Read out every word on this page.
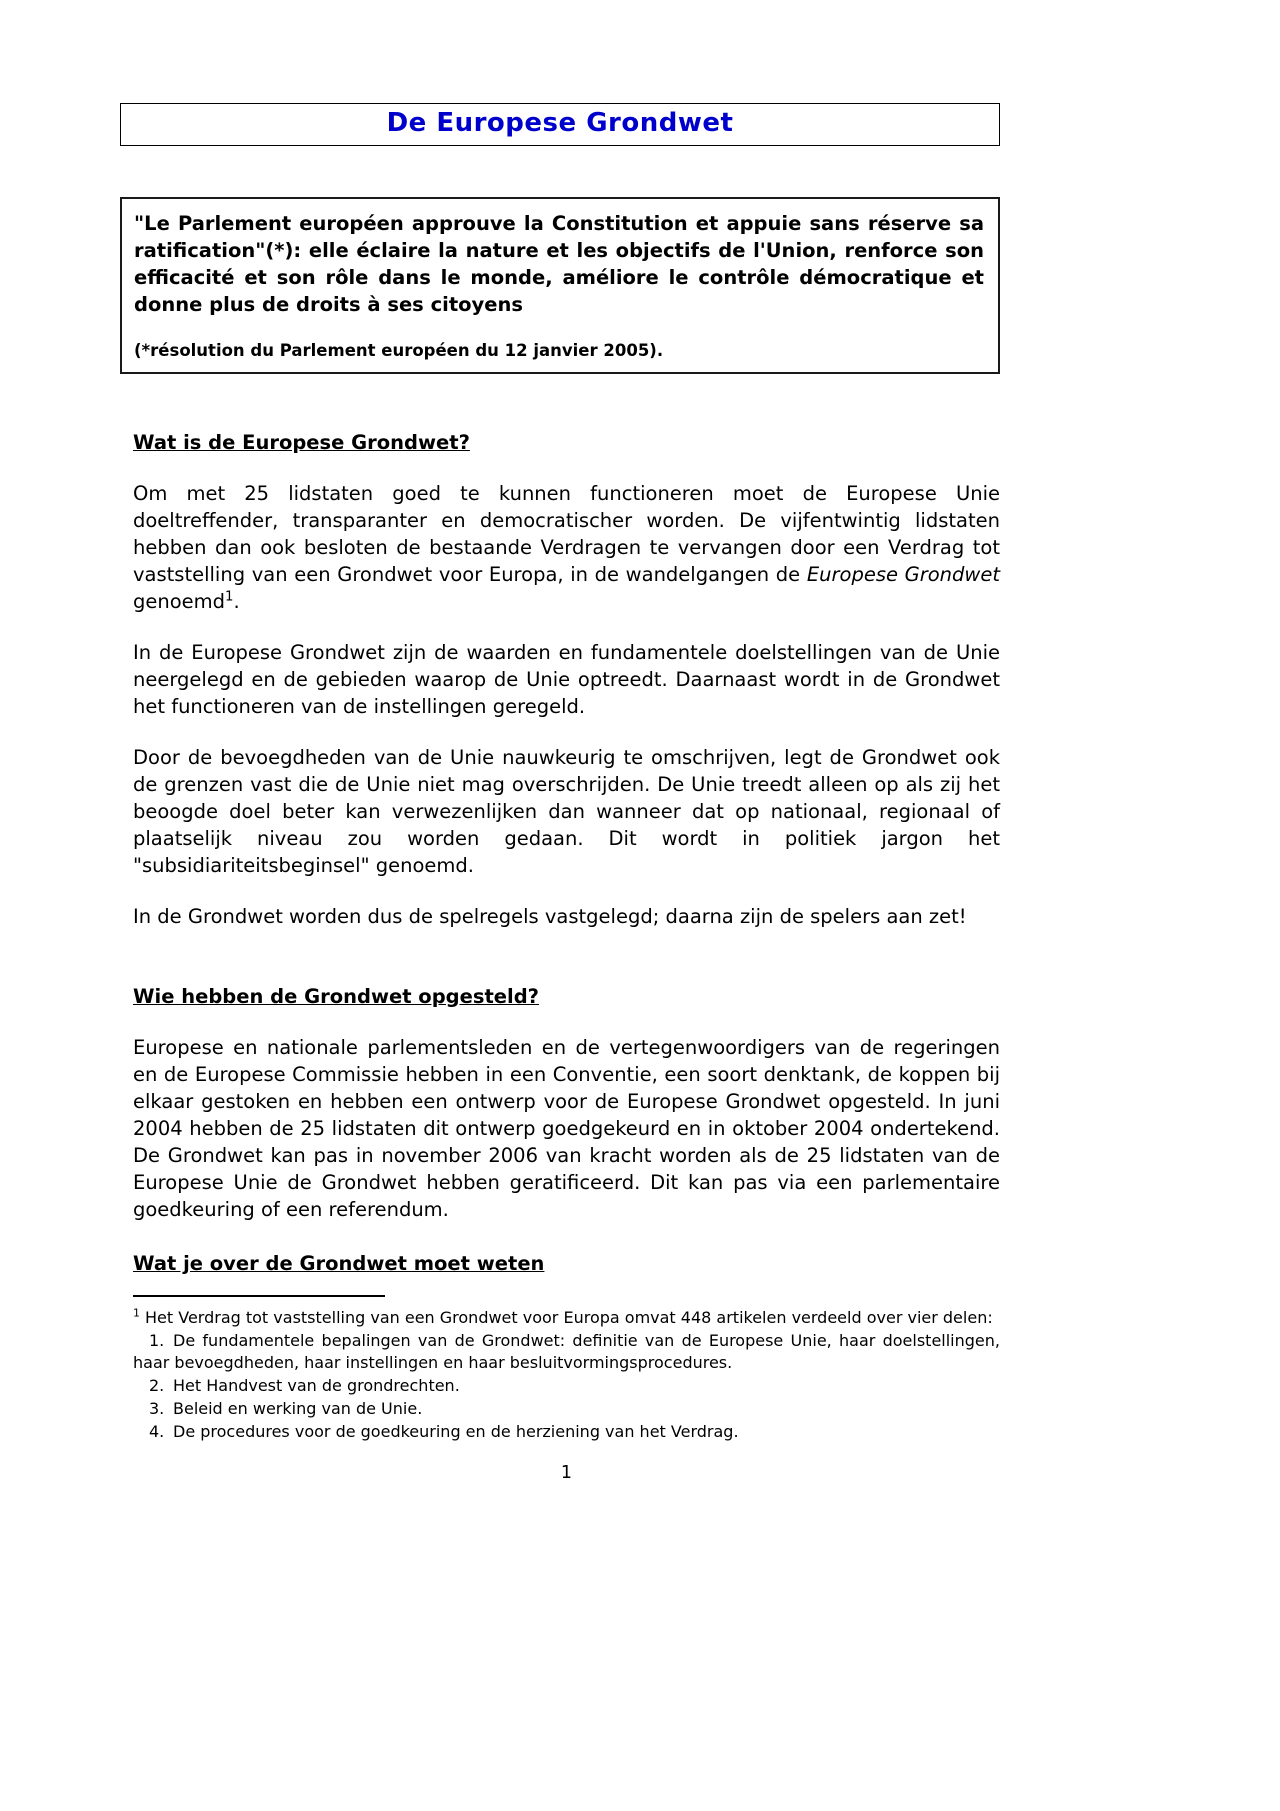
De Europese Grondwet

"Le Parlement européen approuve la Constitution et appuie sans réserve sa ratification"(*): elle éclaire la nature et les objectifs de l'Union, renforce son efficacité et son rôle dans le monde, améliore le contrôle démocratique et donne plus de droits à ses citoyens

(*résolution du Parlement européen du 12 janvier 2005).

Wat is de Europese Grondwet?

Om met 25 lidstaten goed te kunnen functioneren moet de Europese Unie doeltreffender, transparanter en democratischer worden. De vijfentwintig lidstaten hebben dan ook besloten de bestaande Verdragen te vervangen door een Verdrag tot vaststelling van een Grondwet voor Europa, in de wandelgangen de Europese Grondwet genoemd$^1$.

In de Europese Grondwet zijn de waarden en fundamentele doelstellingen van de Unie neergelegd en de gebieden waarop de Unie optreedt. Daarnaast wordt in de Grondwet het functioneren van de instellingen geregeld.

Door de bevoegdheden van de Unie nauwkeurig te omschrijven, legt de Grondwet ook de grenzen vast die de Unie niet mag overschrijden. De Unie treedt alleen op als zij het beoogde doel beter kan verwezenlijken dan wanneer dat op nationaal, regionaal of plaatselijk niveau zou worden gedaan. Dit wordt in politiek jargon het "subsidiariteitsbeginsel" genoemd.

In de Grondwet worden dus de spelregels vastgelegd; daarna zijn de spelers aan zet!

Wie hebben de Grondwet opgesteld?

Europese en nationale parlementsleden en de vertegenwoordigers van de regeringen en de Europese Commissie hebben in een Conventie, een soort denktank, de koppen bij elkaar gestoken en hebben een ontwerp voor de Europese Grondwet opgesteld. In juni 2004 hebben de 25 lidstaten dit ontwerp goedgekeurd en in oktober 2004 ondertekend. De Grondwet kan pas in november 2006 van kracht worden als de 25 lidstaten van de Europese Unie de Grondwet hebben geratificeerd. Dit kan pas via een parlementaire goedkeuring of een referendum.

Wat je over de Grondwet moet weten

$^1$ Het Verdrag tot vaststelling van een Grondwet voor Europa omvat 448 artikelen verdeeld over vier delen:

1. De fundamentele bepalingen van de Grondwet: definitie van de Europese Unie, haar doelstellingen, haar bevoegdheden, haar instellingen en haar besluitvormingsprocedures.

2. Het Handvest van de grondrechten.

3. Beleid en werking van de Unie.

4. De procedures voor de goedkeuring en de herziening van het Verdrag.

1
